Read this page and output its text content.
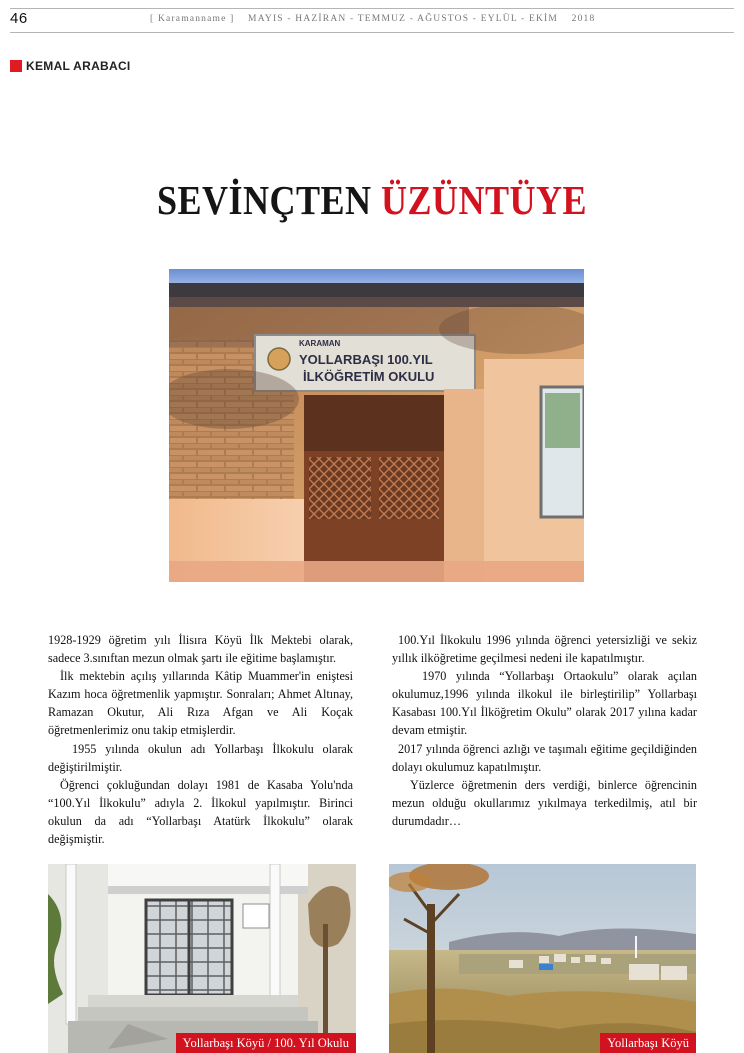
46	[ Karamanname ] MAYIS - HAZİRAN - TEMMUZ - AĞUSTOS - EYLÜL - EKİM 2018
KEMAL ARABACI
SEVİNÇTEN ÜZÜNTÜYE
KARAMAN
YOLLARBAŞI 100.YIL
İLKÖĞRETİM OKULU

1928-1929 öğretim yılı İlisıra Köyü İlk Mektebi olarak, sadece 3.sınıftan mezun olmak şartı ile eğitime başlamıştır.

İlk mektebin açılış yıllarında Kâtip Muammer'in eniştesi Kazım hoca öğretmenlik yapmıştır. Sonraları; Ahmet Altınay, Ramazan Okutur, Ali Rıza Afgan ve Ali Koçak öğretmenlerimiz onu takip etmişlerdir.

1955 yılında okulun adı Yollarbaşı İlkokulu olarak değiştirilmiştir.

Öğrenci çokluğundan dolayı 1981 de Kasaba Yolu'nda “100.Yıl İlkokulu” adıyla 2. İlkokul yapılmıştır. Birinci okulun da adı “Yollarbaşı Atatürk İlkokulu” olarak değişmiştir.

100.Yıl İlkokulu 1996 yılında öğrenci yetersizliği ve sekiz yıllık ilköğretime geçilmesi nedeni ile kapatılmıştır.

1970 yılında “Yollarbaşı Ortaokulu” olarak açılan okulumuz,1996 yılında ilkokul ile birleştirilip” Yollarbaşı Kasabası 100.Yıl İlköğretim Okulu” olarak 2017 yılına kadar devam etmiştir.

2017 yılında öğrenci azlığı ve taşımalı eğitime geçildiğinden dolayı okulumuz kapatılmıştır.

Yüzlerce öğretmenin ders verdiği, binlerce öğrencinin mezun olduğu okullarımız yıkılmaya terkedilmiş, atıl bir durumdadır…

Yollarbaşı Köyü / 100. Yıl Okulu	Yollarbaşı Köyü
